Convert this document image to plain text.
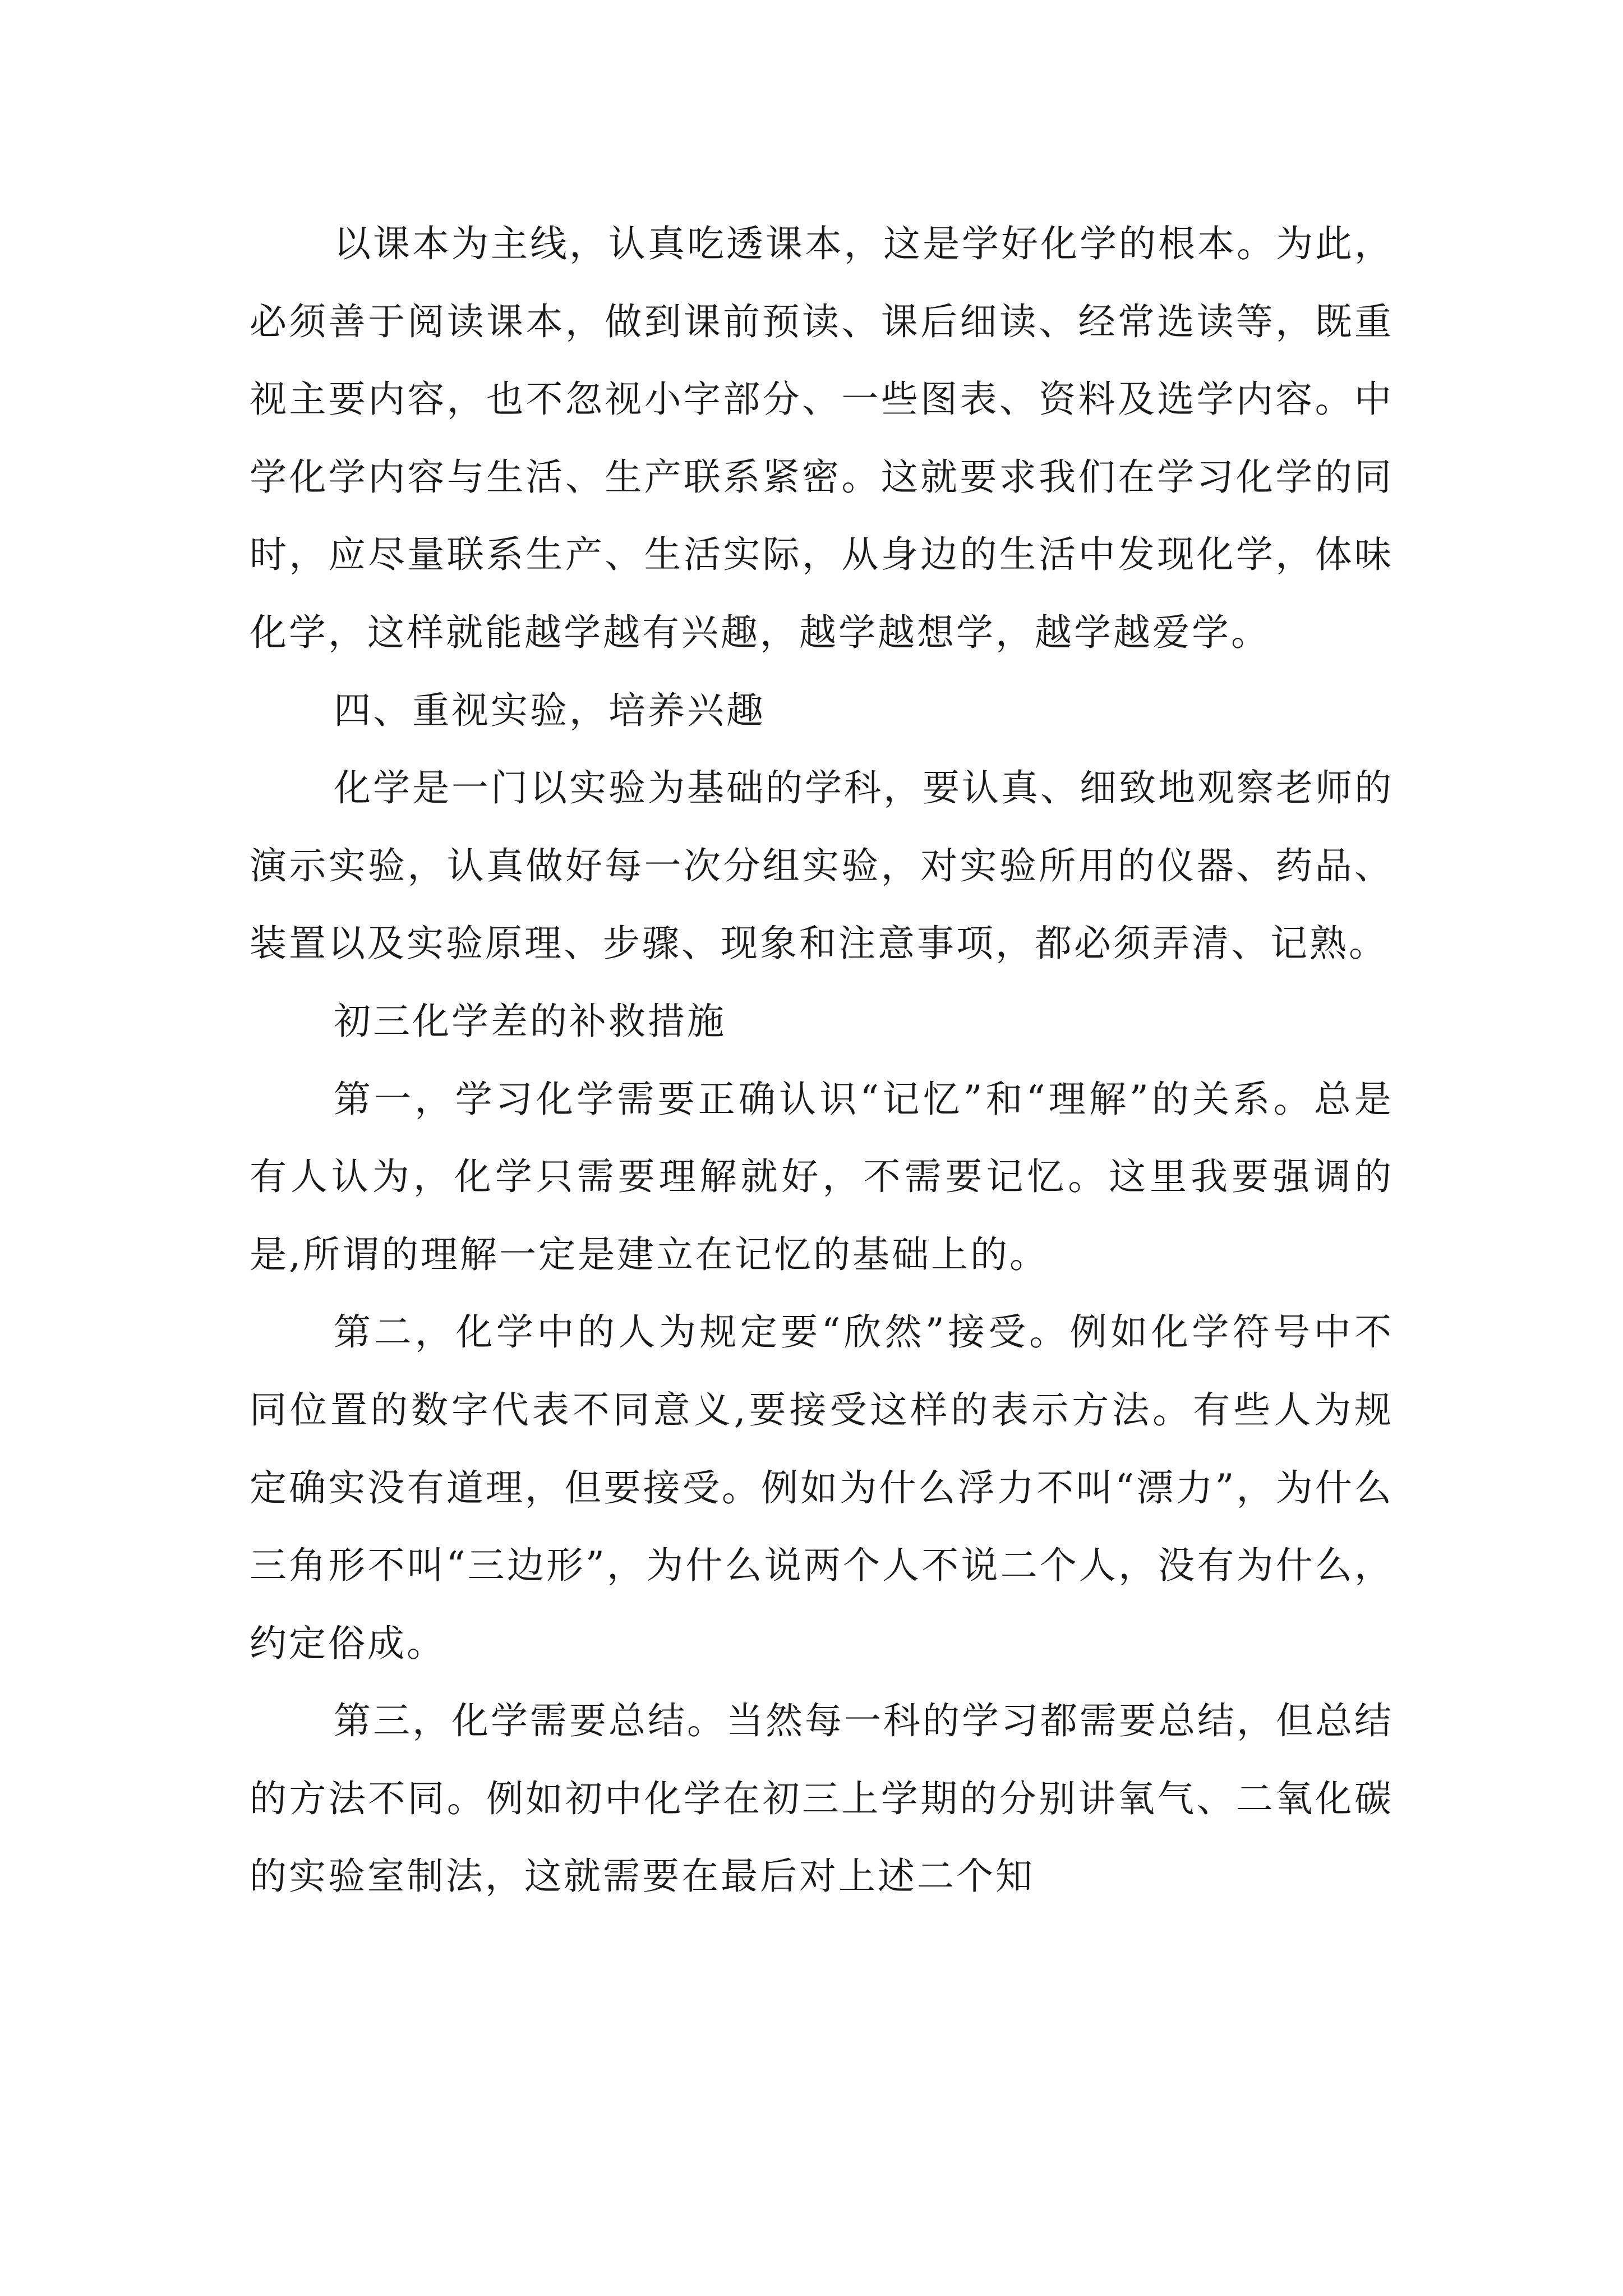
以课本为主线，认真吃透课本，这是学好化学的根本。为此，必须善于阅读课本，做到课前预读、课后细读、经常选读等，既重视主要内容，也不忽视小字部分、一些图表、资料及选学内容。中学化学内容与生活、生产联系紧密。这就要求我们在学习化学的同时，应尽量联系生产、生活实际，从身边的生活中发现化学，体味化学，这样就能越学越有兴趣，越学越想学，越学越爱学。

四、重视实验，培养兴趣

化学是一门以实验为基础的学科，要认真、细致地观察老师的演示实验，认真做好每一次分组实验，对实验所用的仪器、药品、装置以及实验原理、步骤、现象和注意事项，都必须弄清、记熟。

初三化学差的补救措施

第一，学习化学需要正确认识“记忆”和“理解”的关系。总是有人认为，化学只需要理解就好，不需要记忆。这里我要强调的是,所谓的理解一定是建立在记忆的基础上的。

第二，化学中的人为规定要“欣然”接受。例如化学符号中不同位置的数字代表不同意义,要接受这样的表示方法。有些人为规定确实没有道理，但要接受。例如为什么浮力不叫“漂力”，为什么三角形不叫“三边形”，为什么说两个人不说二个人，没有为什么，约定俗成。

第三，化学需要总结。当然每一科的学习都需要总结，但总结的方法不同。例如初中化学在初三上学期的分别讲氧气、二氧化碳的实验室制法，这就需要在最后对上述二个知
